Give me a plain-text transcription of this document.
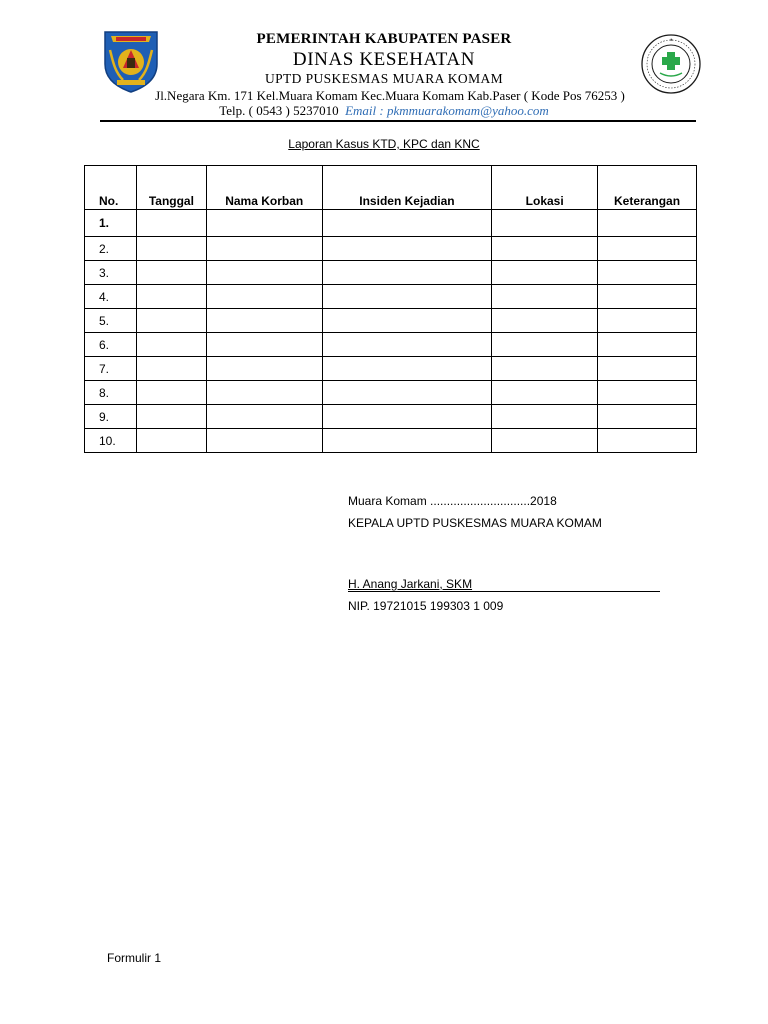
PEMERINTAH KABUPATEN PASER
DINAS KESEHATAN
UPTD PUSKESMAS MUARA KOMAM
Jl.Negara Km. 171 Kel.Muara Komam Kec.Muara Komam Kab.Paser ( Kode Pos 76253 )
Telp. ( 0543 ) 5237010 Email : pkmmuarakomam@yahoo.com
Laporan Kasus KTD, KPC dan KNC
No.	Tanggal	Nama Korban	Insiden Kejadian	Lokasi	Keterangan
1.					
2.					
3.					
4.					
5.					
6.					
7.					
8.					
9.					
10.					
Muara Komam ..............................2018
KEPALA UPTD PUSKESMAS MUARA KOMAM
H. Anang Jarkani, SKM
NIP. 19721015 199303 1 009
Formulir 1
